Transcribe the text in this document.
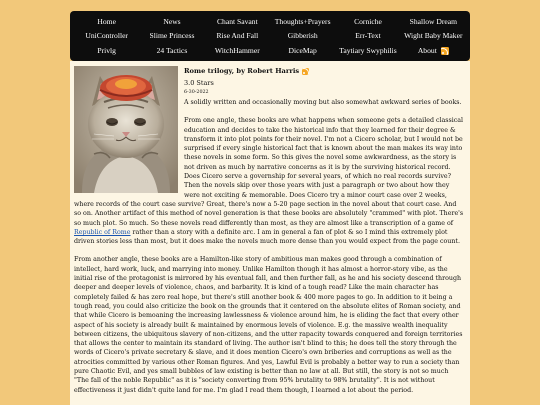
Home	News	Chant Savant	Thoughts+Prayers	Corniche	Shallow Dream
UniController	Slime Princess	Rise And Fall	Gibberish	Err-Text	Wight Baby Maker
Privlg	24 Tactics	WitchHammer	DiceMap	Taytiary Swyphilis	About
Rome trilogy, by Robert Harris
3.0 Stars
6-30-2022

A solidly written and occasionally moving but also somewhat awkward series of books.

From one angle, these books are what happens when someone gets a detailed classical education and decides to take the historical info that they learned for their degree & transform it into plot points for their novel. I'm not a Cicero scholar, but I would not be surprised if every single historical fact that is known about the man makes its way into these novels in some form. So this gives the novel some awkwardness, as the story is not driven as much by narrative concerns as it is by the surviving historical record. Does Cicero serve a governship for several years, of which no real records survive? Then the novels skip over those years with just a paragraph or two about how they were not exciting & memorable. Does Cicero try a minor court case over 2 weeks, where records of the court case survive? Great, there's now a 5-20 page section in the novel about that court case. And so on. Another artifact of this method of novel generation is that these books are absolutely "crammed" with plot. There's so much plot. So much. So these novels read differently than most, as they are almost like a transcription of a game of Republic of Rome rather than a story with a definite arc. I am in general a fan of plot & so I mind this extremely plot driven stories less than most, but it does make the novels much more dense than you would expect from the page count.

From another angle, these books are a Hamilton-like story of ambitious man makes good through a combination of intellect, hard work, luck, and marrying into money. Unlike Hamilton though it has almost a horror-story vibe, as the initial rise of the protagonist is mirrored by his eventual fall, and then further fall, as he and his society descend through deeper and deeper levels of violence, chaos, and barbarity. It is kind of a tough read? Like the main character has completely failed & has zero real hope, but there's still another book & 400 more pages to go. In addition to it being a tough read, you could also criticize the book on the grounds that it centered on the absolute elites of Roman society, and that while Cicero is bemoaning the increasing lawlessness & violence around him, he is eliding the fact that every other aspect of his society is already built & maintained by enormous levels of violence. E.g. the massive wealth inequality between citizens, the ubiquitous slavery of non-citizens, and the utter rapacity towards conquered and foreign territories that allows the center to maintain its standard of living. The author isn't blind to this; he does tell the story through the words of Cicero's private secretary & slave, and it does mention Cicero's own briberies and corruptions as well as the atrocities committed by various other Roman figures. And yes, Lawful Evil is probably a better way to run a society than pure Chaotic Evil, and yes small bubbles of law existing is better than no law at all. But still, the story is not so much "The fall of the noble Republic" as it is "society converting from 95% brutality to 98% brutality". It is not without effectiveness it just didn't quite land for me. I'm glad I read them though, I learned a lot about the period.
